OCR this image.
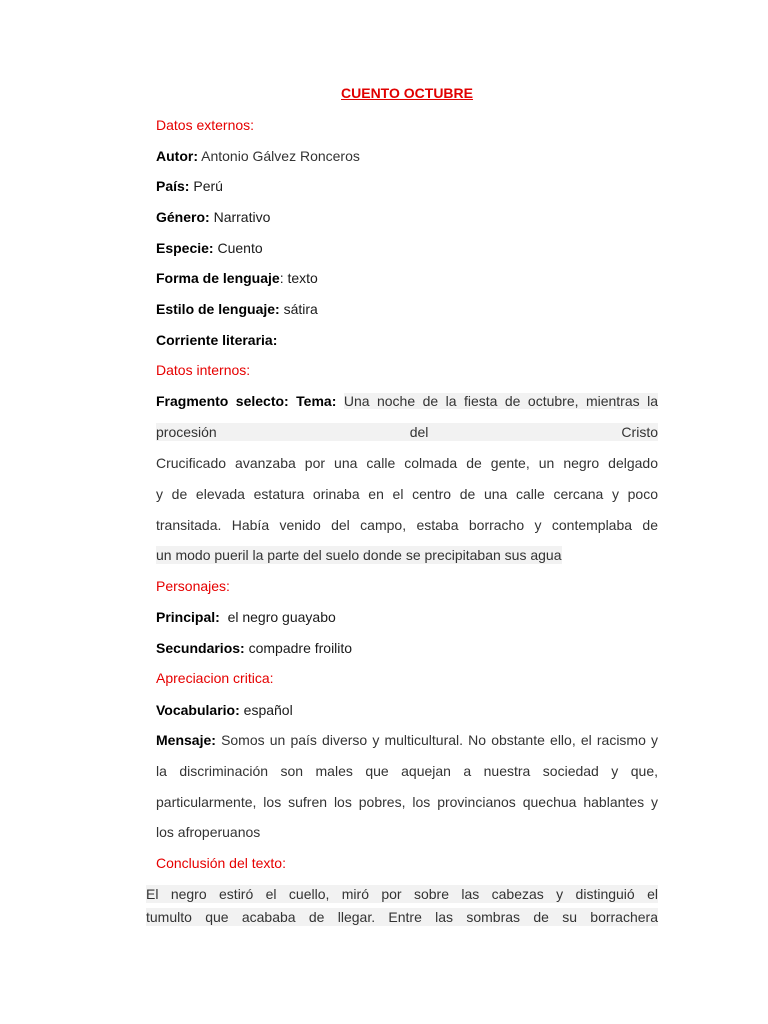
CUENTO OCTUBRE
Datos externos:
Autor: Antonio Gálvez Ronceros
País: Perú
Género: Narrativo
Especie: Cuento
Forma de lenguaje: texto
Estilo de lenguaje: sátira
Corriente literaria:
Datos internos:
Fragmento selecto: Tema: Una noche de la fiesta de octubre, mientras la
procesión del Cristo
Crucificado avanzaba por una calle colmada de gente, un negro delgado
y de elevada estatura orinaba en el centro de una calle cercana y poco
transitada. Había venido del campo, estaba borracho y contemplaba de
un modo pueril la parte del suelo donde se precipitaban sus agua
Personajes:
Principal: el negro guayabo
Secundarios: compadre froilito
Apreciacion critica:
Vocabulario: español
Mensaje: Somos un país diverso y multicultural. No obstante ello, el racismo y
la discriminación son males que aquejan a nuestra sociedad y que,
particularmente, los sufren los pobres, los provincianos quechua hablantes y
los afroperuanos
Conclusión del texto:
El negro estiró el cuello, miró por sobre las cabezas y distinguió el
tumulto que acababa de llegar. Entre las sombras de su borrachera
